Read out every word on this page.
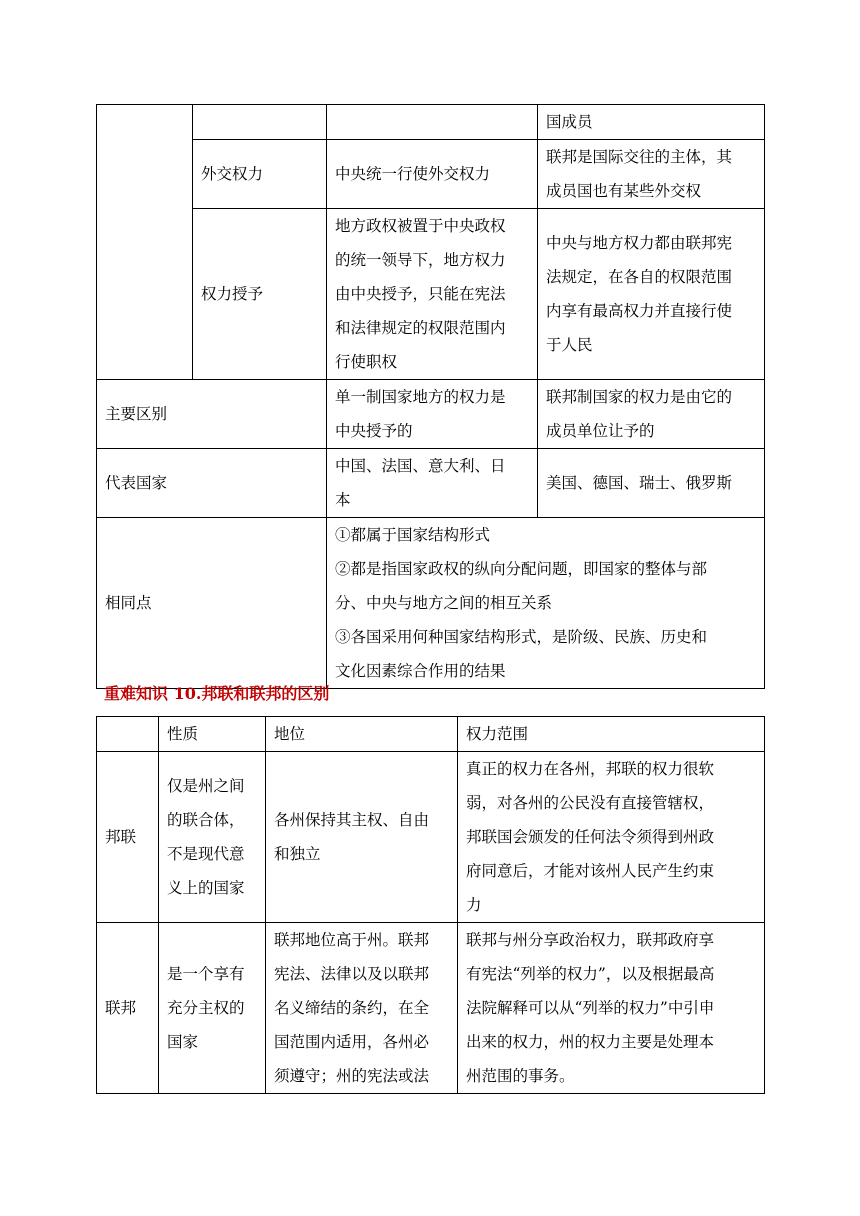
			国成员
	外交权力	中央统一行使外交权力	联邦是国际交往的主体，其
成员国也有某些外交权

	权力授予	地方政权被置于中央政权
的统一领导下，地方权力
由中央授予，只能在宪法
和法律规定的权限范围内
行使职权	中央与地方权力都由联邦宪
法规定，在各自的权限范围
内享有最高权力并直接行使
于人民

主要区别		单一制国家地方的权力是
中央授予的	联邦制国家的权力是由它的
成员单位让予的

代表国家		中国、法国、意大利、日
本	美国、德国、瑞士、俄罗斯
相同点		①都属于国家结构形式
②都是指国家政权的纵向分配问题，即国家的整体与部
分、中央与地方之间的相互关系
③各国采用何种国家结构形式，是阶级、民族、历史和
文化因素综合作用的结果	
重难知识 10.邦联和联邦的区别
	性质	地位	权力范围
邦联	仅是州之间
的联合体，
不是现代意
义上的国家	各州保持其主权、自由
和独立	真正的权力在各州，邦联的权力很软
弱，对各州的公民没有直接管辖权，
邦联国会颁发的任何法令须得到州政
府同意后，才能对该州人民产生约束
力

联邦	是一个享有
充分主权的
国家	联邦地位高于州。联邦
宪法、法律以及以联邦
名义缔结的条约，在全
国范围内适用，各州必
须遵守；州的宪法或法	联邦与州分享政治权力，联邦政府享
有宪法“列举的权力”，以及根据最高
法院解释可以从“列举的权力”中引申
出来的权力，州的权力主要是处理本
州范围的事务。
